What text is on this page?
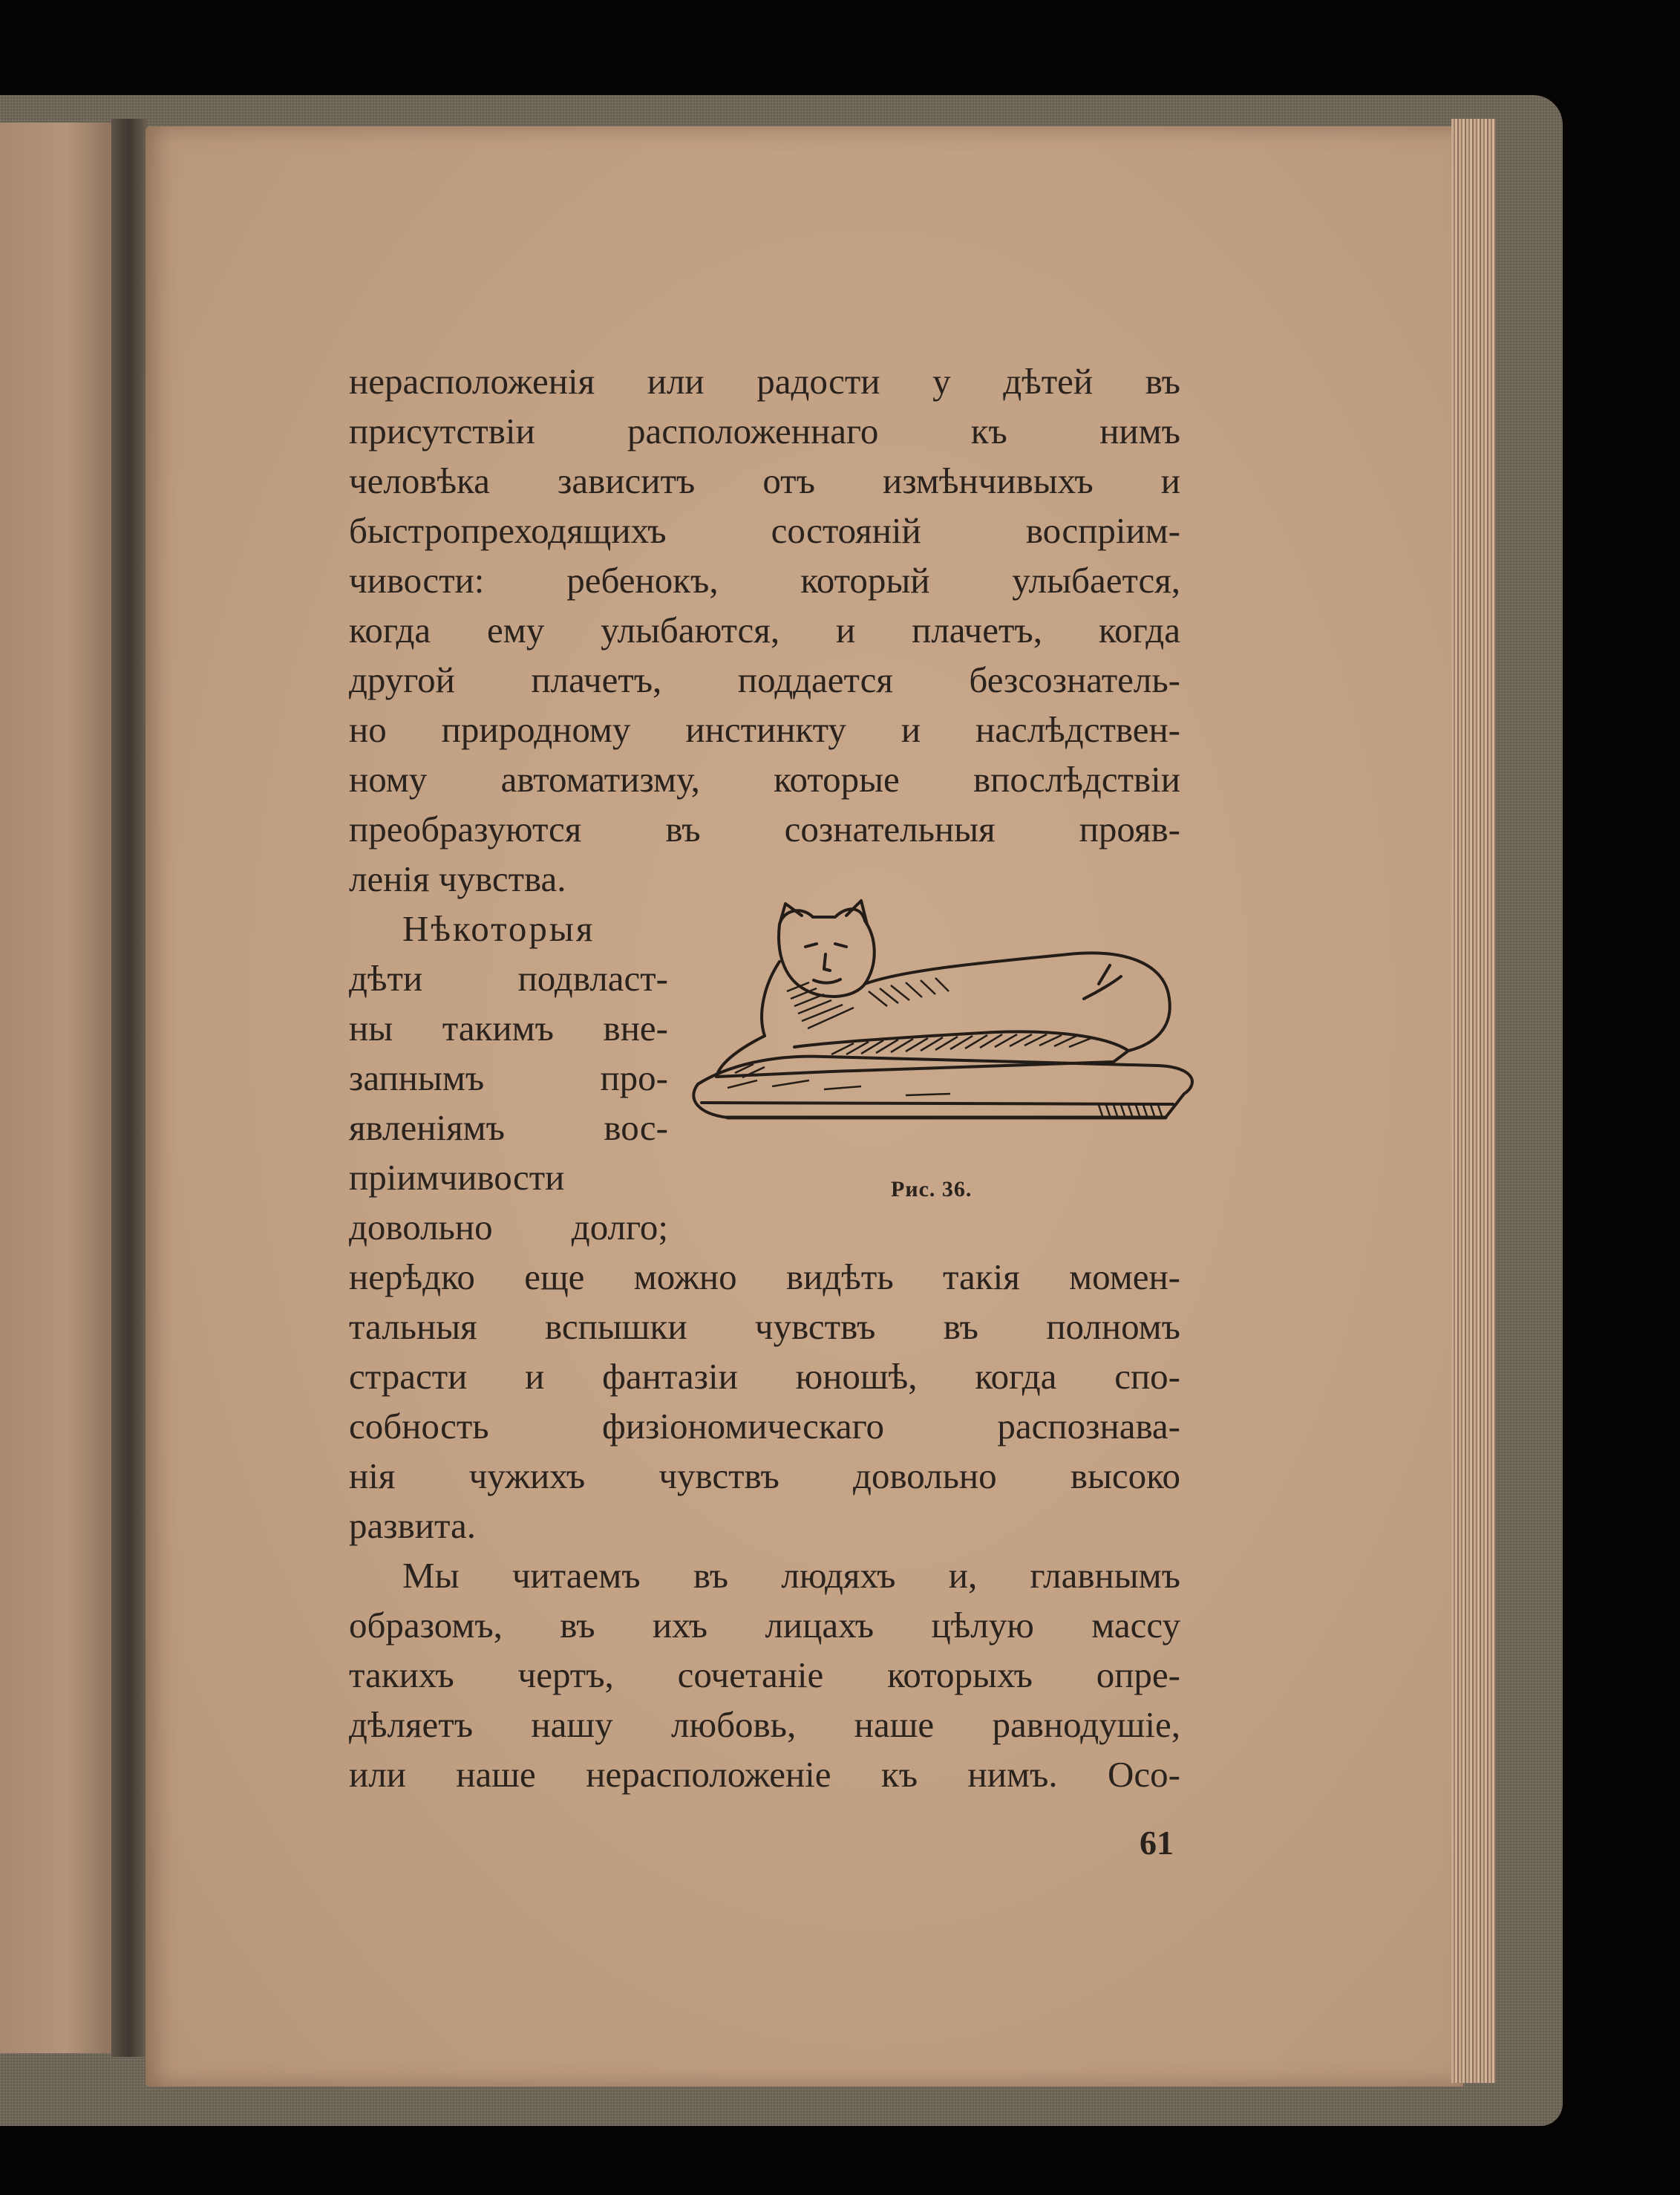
нерасположенія или радости у дѣтей въ
присутствіи расположеннаго къ нимъ
человѣка зависитъ отъ измѣнчивыхъ и
быстропреходящихъ состояній воспріим-
чивости: ребенокъ, который улыбается,
когда ему улыбаются, и плачетъ, когда
другой плачетъ, поддается безсознатель-
но природному инстинкту и наслѣдствен-
ному автоматизму, которые впослѣдствіи
преобразуются въ сознательныя прояв-
ленія чувства.
Нѣкоторыя
дѣти подвласт-
ны такимъ вне-
запнымъ про-
явленіямъ вос-
пріимчивости
довольно долго;
нерѣдко еще можно видѣть такія момен-
тальныя вспышки чувствъ въ полномъ
страсти и фантазіи юношѣ, когда спо-
собность физіономическаго распознава-
нія чужихъ чувствъ довольно высоко
развита.
Мы читаемъ въ людяхъ и, главнымъ
образомъ, въ ихъ лицахъ цѣлую массу
такихъ чертъ, сочетаніе которыхъ опре-
дѣляетъ нашу любовь, наше равнодушіе,
или наше нерасположеніе къ нимъ. Осо-
Рис. 36.
61
